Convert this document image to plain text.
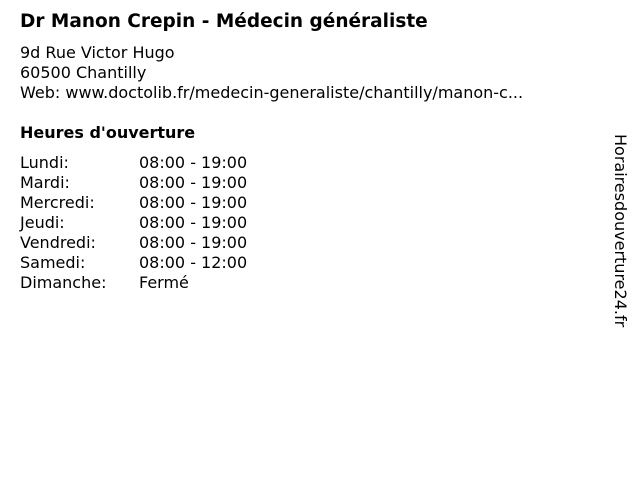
Dr Manon Crepin - Médecin généraliste
9d Rue Victor Hugo
60500 Chantilly
Web: www.doctolib.fr/medecin-generaliste/chantilly/manon-c...
Heures d'ouverture
Lundi:	08:00 - 19:00
Mardi:	08:00 - 19:00
Mercredi:	08:00 - 19:00
Jeudi:	08:00 - 19:00
Vendredi:	08:00 - 19:00
Samedi:	08:00 - 12:00
Dimanche: Fermé	Horairesdouverture24.fr
